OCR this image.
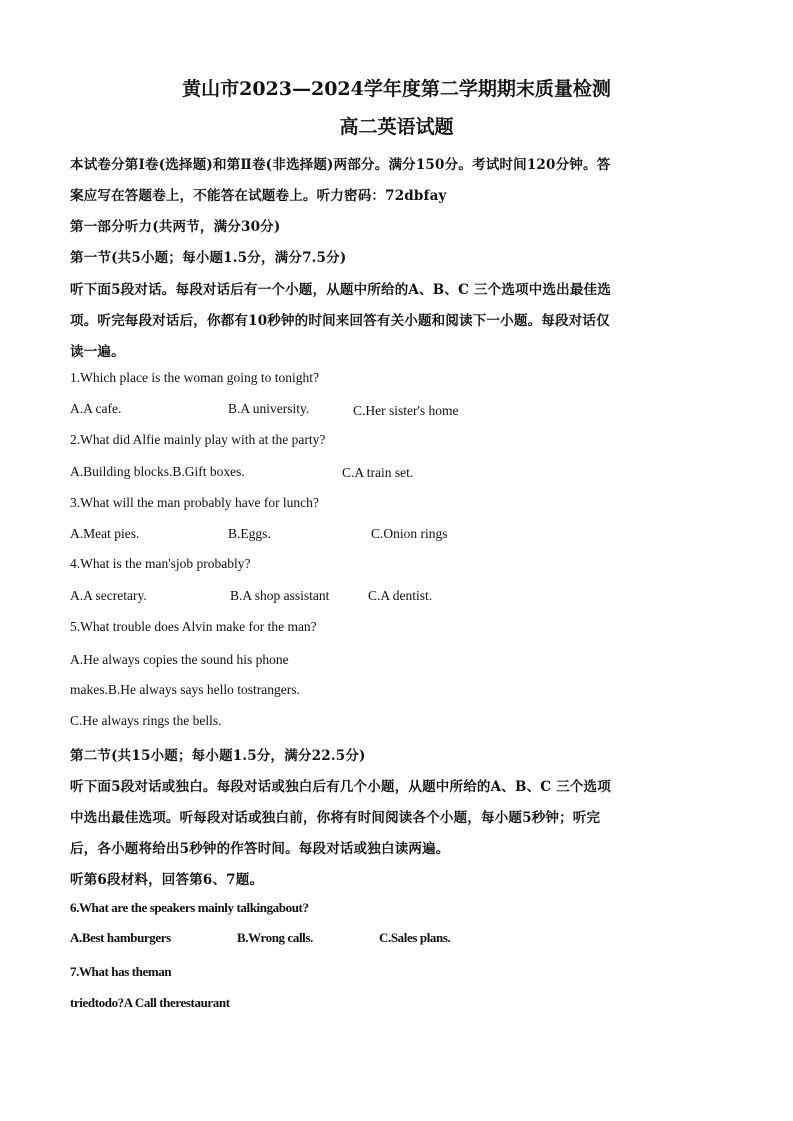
黄山市2023—2024学年度第二学期期末质量检测
高二英语试题
本试卷分第I卷(选择题)和第Ⅱ卷(非选择题)两部分。满分150分。考试时间120分钟。答
案应写在答题卷上，不能答在试题卷上。听力密码：72dbfay
第一部分听力(共两节，满分30分)
第一节(共5小题；每小题1.5分，满分7.5分)
听下面5段对话。每段对话后有一个小题，从题中所给的A、B、C 三个选项中选出最佳选
项。听完每段对话后，你都有10秒钟的时间来回答有关小题和阅读下一小题。每段对话仅
读一遍。
1.Which place is the woman going to tonight?
A.A cafe.	B.A university.	C.Her sister's home
2.What did Alfie mainly play with at the party?
A.Building blocks.B.Gift boxes.	C.A train set.
3.What will the man probably have for lunch?
A.Meat pies.	B.Eggs.	C.Onion rings
4.What is the man'sjob probably?
A.A secretary.	B.A shop assistant	C.A dentist.
5.What trouble does Alvin make for the man?
A.He always copies the sound his phone
makes.B.He always says hello tostrangers.
C.He always rings the bells.
第二节(共15小题；每小题1.5分，满分22.5分)
听下面5段对话或独白。每段对话或独白后有几个小题，从题中所给的A、B、C 三个选项
中选出最佳选项。听每段对话或独白前，你将有时间阅读各个小题，每小题5秒钟；听完
后，各小题将给出5秒钟的作答时间。每段对话或独白读两遍。
听第6段材料，回答第6、7题。
6.What are the speakers mainly talkingabout?
A.Best hamburgers	B.Wrong calls.	C.Sales plans.
7.What has theman
triedtodo?A Call therestaurant
